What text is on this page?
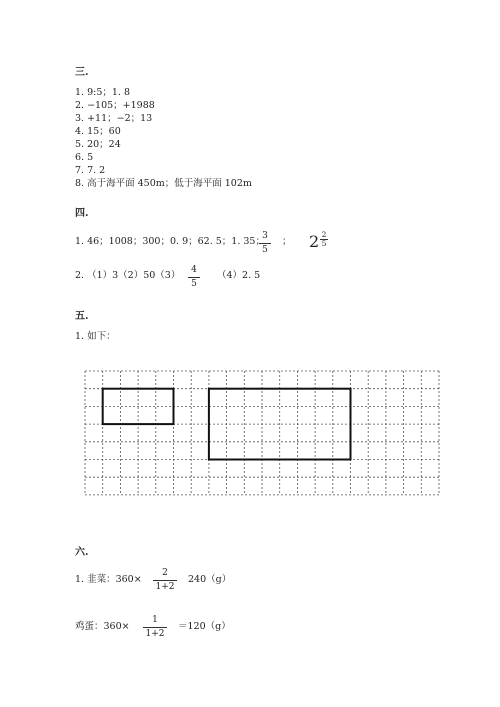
三.
1. 9:5；1. 8
2. −105；+1988
3. +11；−2；13
4. 15；60
5. 20；24
6. 5
7. 7. 2
8. 高于海平面 450m；低于海平面 102m
四.
1. 46；1008；300；0. 9；62. 5；1. 35；
3
5
； 2 2
5
2. （1）3（2）50（3）	4
5
（4）2. 5
五.
1. 如下：
六.
1. 韭菜：360×
2
1+2
240（g）
鸡蛋：360×
1
1+2
＝120（g）
